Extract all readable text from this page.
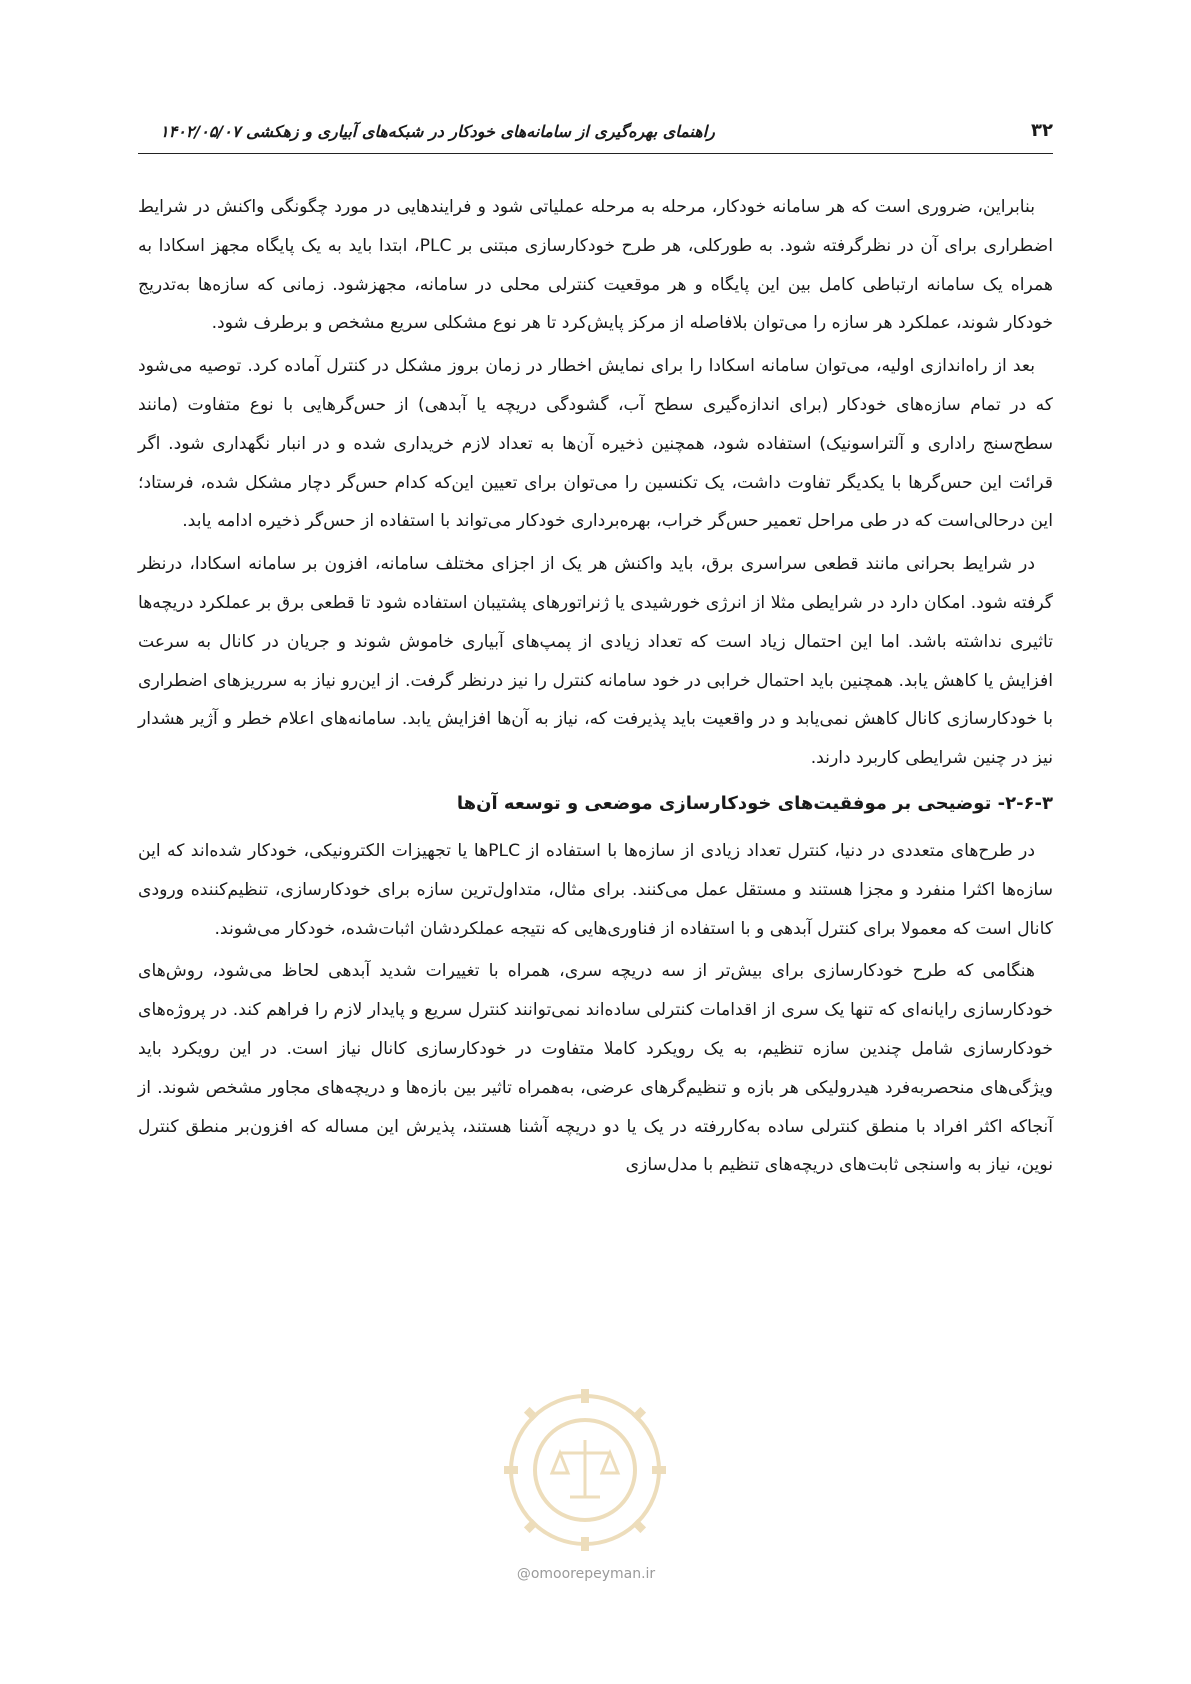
۳۲
راهنمای بهره‌گیری از سامانه‌های خودکار در شبکه‌های آبیاری و زهکشی ۱۴۰۲/۰۵/۰۷

بنابراین، ضروری است که هر سامانه خودکار، مرحله به مرحله عملیاتی شود و فرایندهایی در مورد چگونگی واکنش در شرایط اضطراری برای آن در نظرگرفته شود. به طورکلی، هر طرح خودکارسازی مبتنی بر PLC، ابتدا باید به یک پایگاه مجهز اسکادا به همراه یک سامانه ارتباطی کامل بین این پایگاه و هر موقعیت کنترلی محلی در سامانه، مجهزشود. زمانی که سازه‌ها به‌تدریج خودکار شوند، عملکرد هر سازه را می‌توان بلافاصله از مرکز پایش‌کرد تا هر نوع مشکلی سریع مشخص و برطرف شود.

بعد از راه‌اندازی اولیه، می‌توان سامانه اسکادا را برای نمایش اخطار در زمان بروز مشکل در کنترل آماده کرد. توصیه می‌شود که در تمام سازه‌های خودکار (برای اندازه‌گیری سطح آب، گشودگی دریچه یا آبدهی) از حس‌گرهایی با نوع متفاوت (مانند سطح‌سنج راداری و آلتراسونیک) استفاده شود، همچنین ذخیره آن‌ها به تعداد لازم خریداری شده و در انبار نگهداری شود. اگر قرائت این حس‌گرها با یکدیگر تفاوت داشت، یک تکنسین را می‌توان برای تعیین این‌که کدام حس‌گر دچار مشکل شده، فرستاد؛ این درحالی‌است که در طی مراحل تعمیر حس‌گر خراب، بهره‌برداری خودکار می‌تواند با استفاده از حس‌گر ذخیره ادامه یابد.

در شرایط بحرانی مانند قطعی سراسری برق، باید واکنش هر یک از اجزای مختلف سامانه، افزون بر سامانه اسکادا، درنظر گرفته شود. امکان دارد در شرایطی مثلا از انرژی خورشیدی یا ژنراتورهای پشتیبان استفاده شود تا قطعی برق بر عملکرد دریچه‌ها تاثیری نداشته باشد. اما این احتمال زیاد است که تعداد زیادی از پمپ‌های آبیاری خاموش شوند و جریان در کانال به سرعت افزایش یا کاهش یابد. همچنین باید احتمال خرابی در خود سامانه کنترل را نیز درنظر گرفت. از این‌رو نیاز به سرریزهای اضطراری با خودکارسازی کانال کاهش نمی‌یابد و در واقعیت باید پذیرفت که، نیاز به آن‌ها افزایش یابد. سامانه‌های اعلام خطر و آژیر هشدار نیز در چنین شرایطی کاربرد دارند.

۲-۶-۳- توضیحی بر موفقیت‌های خودکارسازی موضعی و توسعه آن‌ها

در طرح‌های متعددی در دنیا، کنترل تعداد زیادی از سازه‌ها با استفاده از PLCها یا تجهیزات الکترونیکی، خودکار شده‌اند که این سازه‌ها اکثرا منفرد و مجزا هستند و مستقل عمل می‌کنند. برای مثال، متداول‌ترین سازه برای خودکارسازی، تنظیم‌کننده ورودی کانال است که معمولا برای کنترل آبدهی و با استفاده از فناوری‌هایی که نتیجه عملکردشان اثبات‌شده، خودکار می‌شوند.

هنگامی که طرح خودکارسازی برای بیش‌تر از سه دریچه سری، همراه با تغییرات شدید آبدهی لحاظ می‌شود، روش‌های خودکارسازی رایانه‌ای که تنها یک سری از اقدامات کنترلی ساده‌اند نمی‌توانند کنترل سریع و پایدار لازم را فراهم کند. در پروژه‌های خودکارسازی شامل چندین سازه تنظیم، به یک رویکرد کاملا متفاوت در خودکارسازی کانال نیاز است. در این رویکرد باید ویژگی‌های منحصربه‌فرد هیدرولیکی هر بازه و تنظیم‌گرهای عرضی، به‌همراه تاثیر بین بازه‌ها و دریچه‌های مجاور مشخص شوند. از آنجاکه اکثر افراد با منطق کنترلی ساده به‌کاررفته در یک یا دو دریچه آشنا هستند، پذیرش این مساله که افزون‌بر منطق کنترل نوین، نیاز به واسنجی ثابت‌های دریچه‌های تنظیم با مدل‌سازی

@omoorepeyman.ir
